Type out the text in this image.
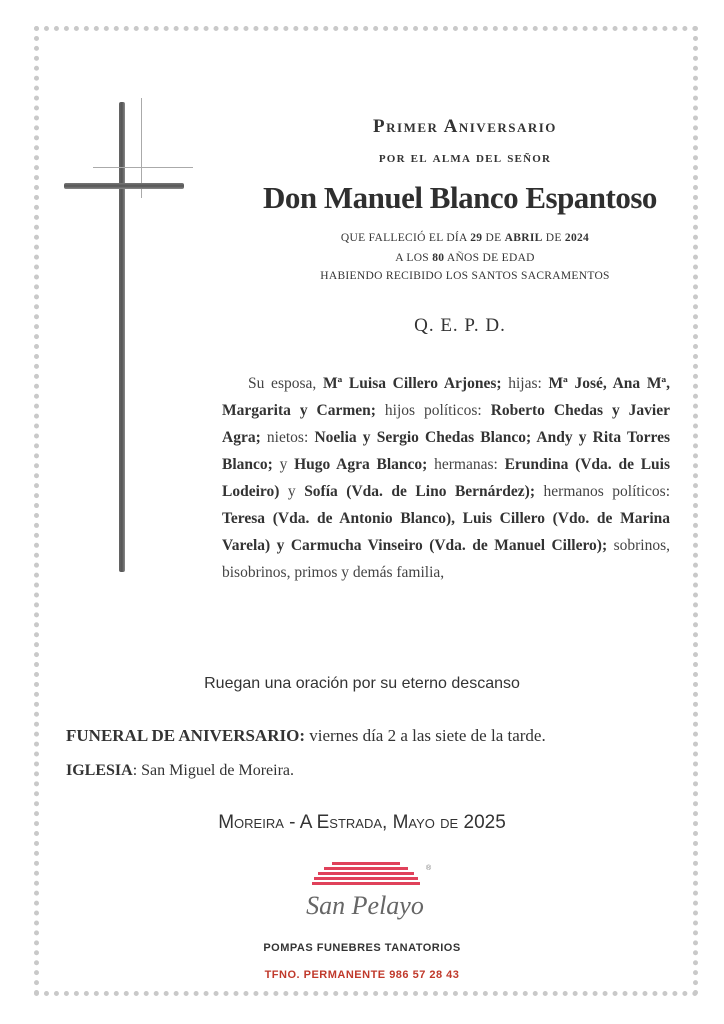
Primer Aniversario
por el alma del señor
Don Manuel Blanco Espantoso
QUE FALLECIÓ EL DÍA 29 DE ABRIL DE 2024
A LOS 80 AÑOS DE EDAD
HABIENDO RECIBIDO LOS SANTOS SACRAMENTOS
Q. E. P. D.
Su esposa, Mª Luisa Cillero Arjones; hijas: Mª José, Ana Mª, Margarita y Carmen; hijos políticos: Roberto Chedas y Javier Agra; nietos: Noelia y Sergio Chedas Blanco; Andy y Rita Torres Blanco; y Hugo Agra Blanco; hermanas: Erundina (Vda. de Luis Lodeiro) y Sofía (Vda. de Lino Bernárdez); hermanos políticos: Teresa (Vda. de Antonio Blanco), Luis Cillero (Vdo. de Marina Varela) y Carmucha Vinseiro (Vda. de Manuel Cillero); sobrinos, bisobrinos, primos y demás familia,
Ruegan una oración por su eterno descanso
FUNERAL DE ANIVERSARIO: viernes día 2 a las siete de la tarde.
IGLESIA: San Miguel de Moreira.
Moreira - A Estrada, Mayo de 2025
San Pelayo
®
POMPAS FUNEBRES TANATORIOS
TFNO. PERMANENTE 986 57 28 43
